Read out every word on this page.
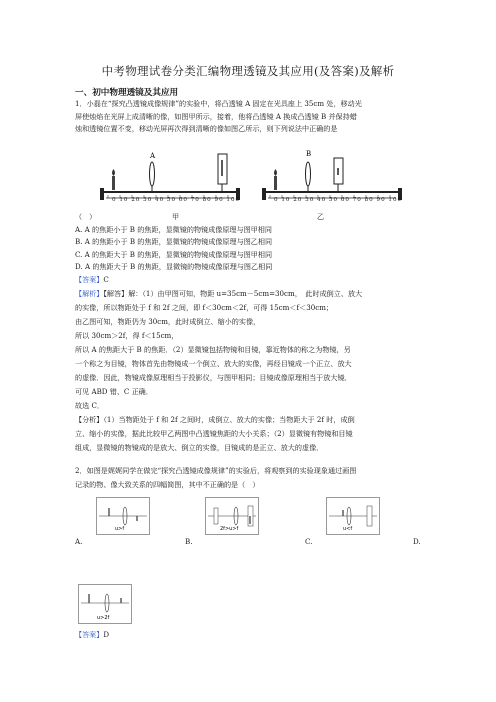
中考物理试卷分类汇编物理透镜及其应用(及答案)及解析
一、初中物理透镜及其应用
1．小磊在“探究凸透镜成像规律”的实验中，将凸透镜 A 固定在光具座上 35cm 处，移动光
屏使烛焰在光屏上成清晰的像，如图甲所示，接着，他将凸透镜 A 换成凸透镜 B 并保持蜡
烛和透镜位置不变，移动光屏再次得到清晰的像如图乙所示，则下列说法中正确的是
A
0 10 20 30 40 50 60 70 80 90 100
B
0 10 20 30 40 50 60 70 80 90 100
（　）	甲	乙
A. A 的焦距小于 B 的焦距，显微镜的物镜成像原理与图甲相同
B. A 的焦距小于 B 的焦距，显微镜的物镜成像原理与图乙相同
C. A 的焦距大于 B 的焦距，显微镜的物镜成像原理与图甲相同
D. A 的焦距大于 B 的焦距，显微镜的物镜成像原理与图乙相同
【答案】C
【解析】【解答】解：（1）由甲图可知，物距 u=35cm－5cm=30cm，　此时成倒立、放大
的实像，所以物距处于 f 和 2f 之间，即 f＜30cm＜2f，可得 15cm＜f＜30cm；
由乙图可知，物距仍为 30cm，此时成倒立、缩小的实像，
所以 30cm＞2f，得 f＜15cm，
所以 A 的焦距大于 B 的焦距．（2）显微镜包括物镜和目镜，靠近物体的称之为物镜，另
一个称之为目镜，物体首先由物镜成一个倒立、放大的实像，再经目镜成一个正立、放大
的虚像．因此，物镜成像原理相当于投影仪，与图甲相同；目镜成像原理相当于放大镜．
可见 ABD 错、C 正确．
故选 C．
【分析】（1）当物距处于 f 和 2f 之间时，成倒立、放大的实像；当物距大于 2f 时，成倒
立、缩小的实像，据此比较甲乙两图中凸透镜焦距的大小关系；（2）显微镜有物镜和目镜
组成，显微镜的物镜成的是放大、倒立的实像，目镜成的是正立、放大的虚像．
2．如图是娓娓同学在做完“探究凸透镜成像规律”的实验后，将观察到的实验现象通过画图
记录的物、像大致关系的四幅简图，其中不正确的是（　）
u>f
A.
2f>u>f
B.
u<f
C.	D.
u>2f
【答案】D
